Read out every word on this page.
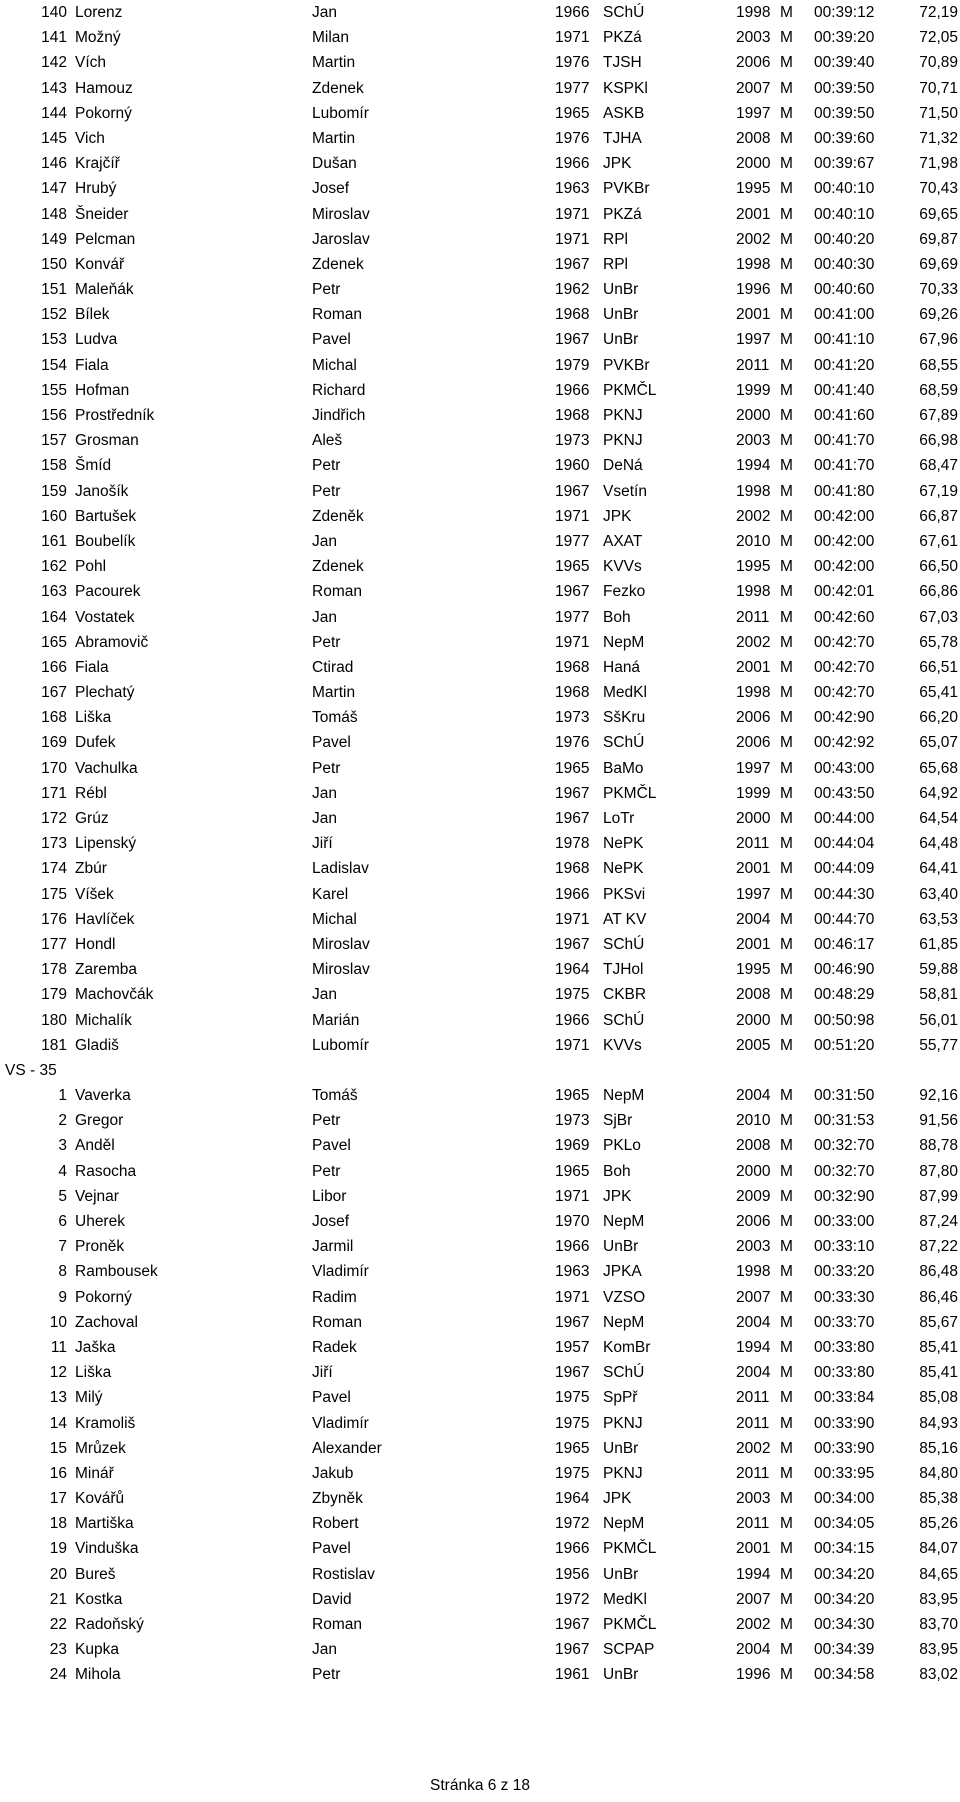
140 Lorenz	Jan	1966 SChÚ	1998 M 00:39:12	72,19
141 Možný	Milan	1971 PKZá	2003 M 00:39:20	72,05
142 Vích	Martin	1976 TJSH	2006 M 00:39:40	70,89
143 Hamouz	Zdenek	1977 KSPKl	2007 M 00:39:50	70,71
144 Pokorný	Lubomír	1965 ASKB	1997 M 00:39:50	71,50
145 Vich	Martin	1976 TJHA	2008 M 00:39:60	71,32
146 Krajčíř	Dušan	1966 JPK	2000 M 00:39:67	71,98
147 Hrubý	Josef	1963 PVKBr	1995 M 00:40:10	70,43
148 Šneider	Miroslav	1971 PKZá	2001 M 00:40:10	69,65
149 Pelcman	Jaroslav	1971 RPl	2002 M 00:40:20	69,87
150 Konvář	Zdenek	1967 RPl	1998 M 00:40:30	69,69
151 Maleňák	Petr	1962 UnBr	1996 M 00:40:60	70,33
152 Bílek	Roman	1968 UnBr	2001 M 00:41:00	69,26
153 Ludva	Pavel	1967 UnBr	1997 M 00:41:10	67,96
154 Fiala	Michal	1979 PVKBr	2011 M 00:41:20	68,55
155 Hofman	Richard	1966 PKMČL	1999 M 00:41:40	68,59
156 Prostředník	Jindřich	1968 PKNJ	2000 M 00:41:60	67,89
157 Grosman	Aleš	1973 PKNJ	2003 M 00:41:70	66,98
158 Šmíd	Petr	1960 DeNá	1994 M 00:41:70	68,47
159 Janošík	Petr	1967 Vsetín	1998 M 00:41:80	67,19
160 Bartušek	Zdeněk	1971 JPK	2002 M 00:42:00	66,87
161 Boubelík	Jan	1977 AXAT	2010 M 00:42:00	67,61
162 Pohl	Zdenek	1965 KVVs	1995 M 00:42:00	66,50
163 Pacourek	Roman	1967 Fezko	1998 M 00:42:01	66,86
164 Vostatek	Jan	1977 Boh	2011 M 00:42:60	67,03
165 Abramovič	Petr	1971 NepM	2002 M 00:42:70	65,78
166 Fiala	Ctirad	1968 Haná	2001 M 00:42:70	66,51
167 Plechatý	Martin	1968 MedKl	1998 M 00:42:70	65,41
168 Liška	Tomáš	1973 SšKru	2006 M 00:42:90	66,20
169 Dufek	Pavel	1976 SChÚ	2006 M 00:42:92	65,07
170 Vachulka	Petr	1965 BaMo	1997 M 00:43:00	65,68
171 Rébl	Jan	1967 PKMČL	1999 M 00:43:50	64,92
172 Grúz	Jan	1967 LoTr	2000 M 00:44:00	64,54
173 Lipenský	Jiří	1978 NePK	2011 M 00:44:04	64,48
174 Zbúr	Ladislav	1968 NePK	2001 M 00:44:09	64,41
175 Víšek	Karel	1966 PKSvi	1997 M 00:44:30	63,40
176 Havlíček	Michal	1971 AT KV	2004 M 00:44:70	63,53
177 Hondl	Miroslav	1967 SChÚ	2001 M 00:46:17	61,85
178 Zaremba	Miroslav	1964 TJHol	1995 M 00:46:90	59,88
179 Machovčák	Jan	1975 CKBR	2008 M 00:48:29	58,81
180 Michalík	Marián	1966 SChÚ	2000 M 00:50:98	56,01
181 Gladiš	Lubomír	1971 KVVs	2005 M 00:51:20	55,77
VS - 35
1 Vaverka	Tomáš	1965 NepM	2004 M 00:31:50	92,16
2 Gregor	Petr	1973 SjBr	2010 M 00:31:53	91,56
3 Anděl	Pavel	1969 PKLo	2008 M 00:32:70	88,78
4 Rasocha	Petr	1965 Boh	2000 M 00:32:70	87,80
5 Vejnar	Libor	1971 JPK	2009 M 00:32:90	87,99
6 Uherek	Josef	1970 NepM	2006 M 00:33:00	87,24
7 Proněk	Jarmil	1966 UnBr	2003 M 00:33:10	87,22
8 Rambousek	Vladimír	1963 JPKA	1998 M 00:33:20	86,48
9 Pokorný	Radim	1971 VZSO	2007 M 00:33:30	86,46
10 Zachoval	Roman	1967 NepM	2004 M 00:33:70	85,67
11 Jaška	Radek	1957 KomBr	1994 M 00:33:80	85,41
12 Liška	Jiří	1967 SChÚ	2004 M 00:33:80	85,41
13 Milý	Pavel	1975 SpPř	2011 M 00:33:84	85,08
14 Kramoliš	Vladimír	1975 PKNJ	2011 M 00:33:90	84,93
15 Mrůzek	Alexander	1965 UnBr	2002 M 00:33:90	85,16
16 Minář	Jakub	1975 PKNJ	2011 M 00:33:95	84,80
17 Kovářů	Zbyněk	1964 JPK	2003 M 00:34:00	85,38
18 Martiška	Robert	1972 NepM	2011 M 00:34:05	85,26
19 Vinduška	Pavel	1966 PKMČL	2001 M 00:34:15	84,07
20 Bureš	Rostislav	1956 UnBr	1994 M 00:34:20	84,65
21 Kostka	David	1972 MedKl	2007 M 00:34:20	83,95
22 Radoňský	Roman	1967 PKMČL	2002 M 00:34:30	83,70
23 Kupka	Jan	1967 SCPAP	2004 M 00:34:39	83,95
24 Mihola	Petr	1961 UnBr	1996 M 00:34:58	83,02
Stránka 6 z 18
